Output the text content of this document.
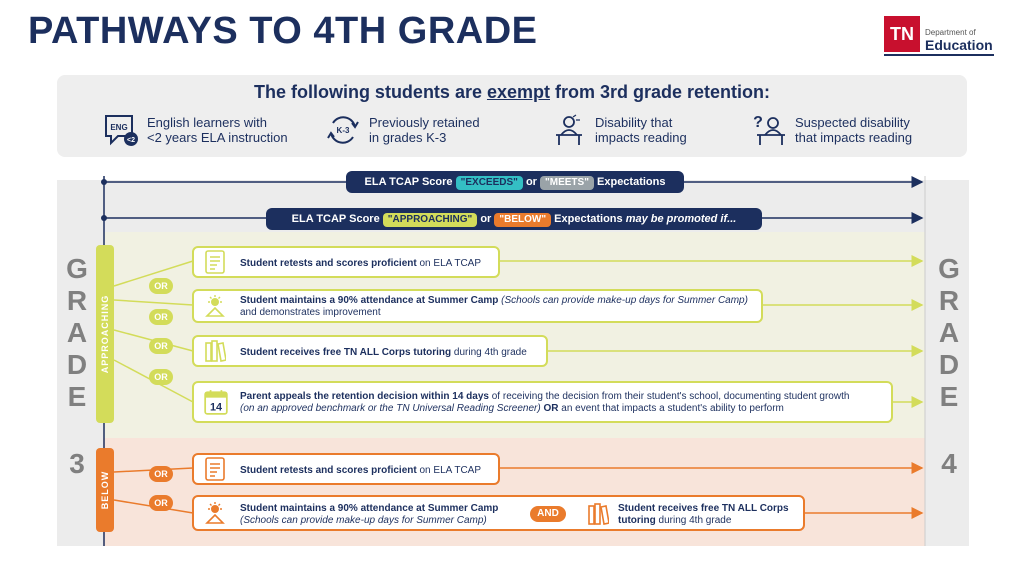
PATHWAYS TO 4TH GRADE	TN	Department of
Education
The following students are exempt from 3rd grade retention:
ENG
<2
English learners with
<2 years ELA instruction	K-3
Previously retained
in grades K-3
Disability that
impacts reading
? Suspected disability
that impacts reading
G
R
A
D
E
3
G
R
A
D
E
4
ELA TCAP Score "EXCEEDS" or "MEETS" Expectations
ELA TCAP Score "APPROACHING" or "BELOW" Expectations may be promoted if...
APPROACHING
BELOW
OR
OR
OR
OR
OR
OR
Student retests and scores proficient on ELA TCAP
Student maintains a 90% attendance at Summer Camp (Schools can provide make-up days for Summer Camp)
and demonstrates improvement
Student receives free TN ALL Corps tutoring during 4th grade
14
Parent appeals the retention decision within 14 days of receiving the decision from their student's school, documenting student growth
(on an approved benchmark or the TN Universal Reading Screener) OR an event that impacts a student's ability to perform
Student retests and scores proficient on ELA TCAP
Student maintains a 90% attendance at Summer Camp
(Schools can provide make-up days for Summer Camp)
AND	Student receives free TN ALL Corps
tutoring during 4th grade
